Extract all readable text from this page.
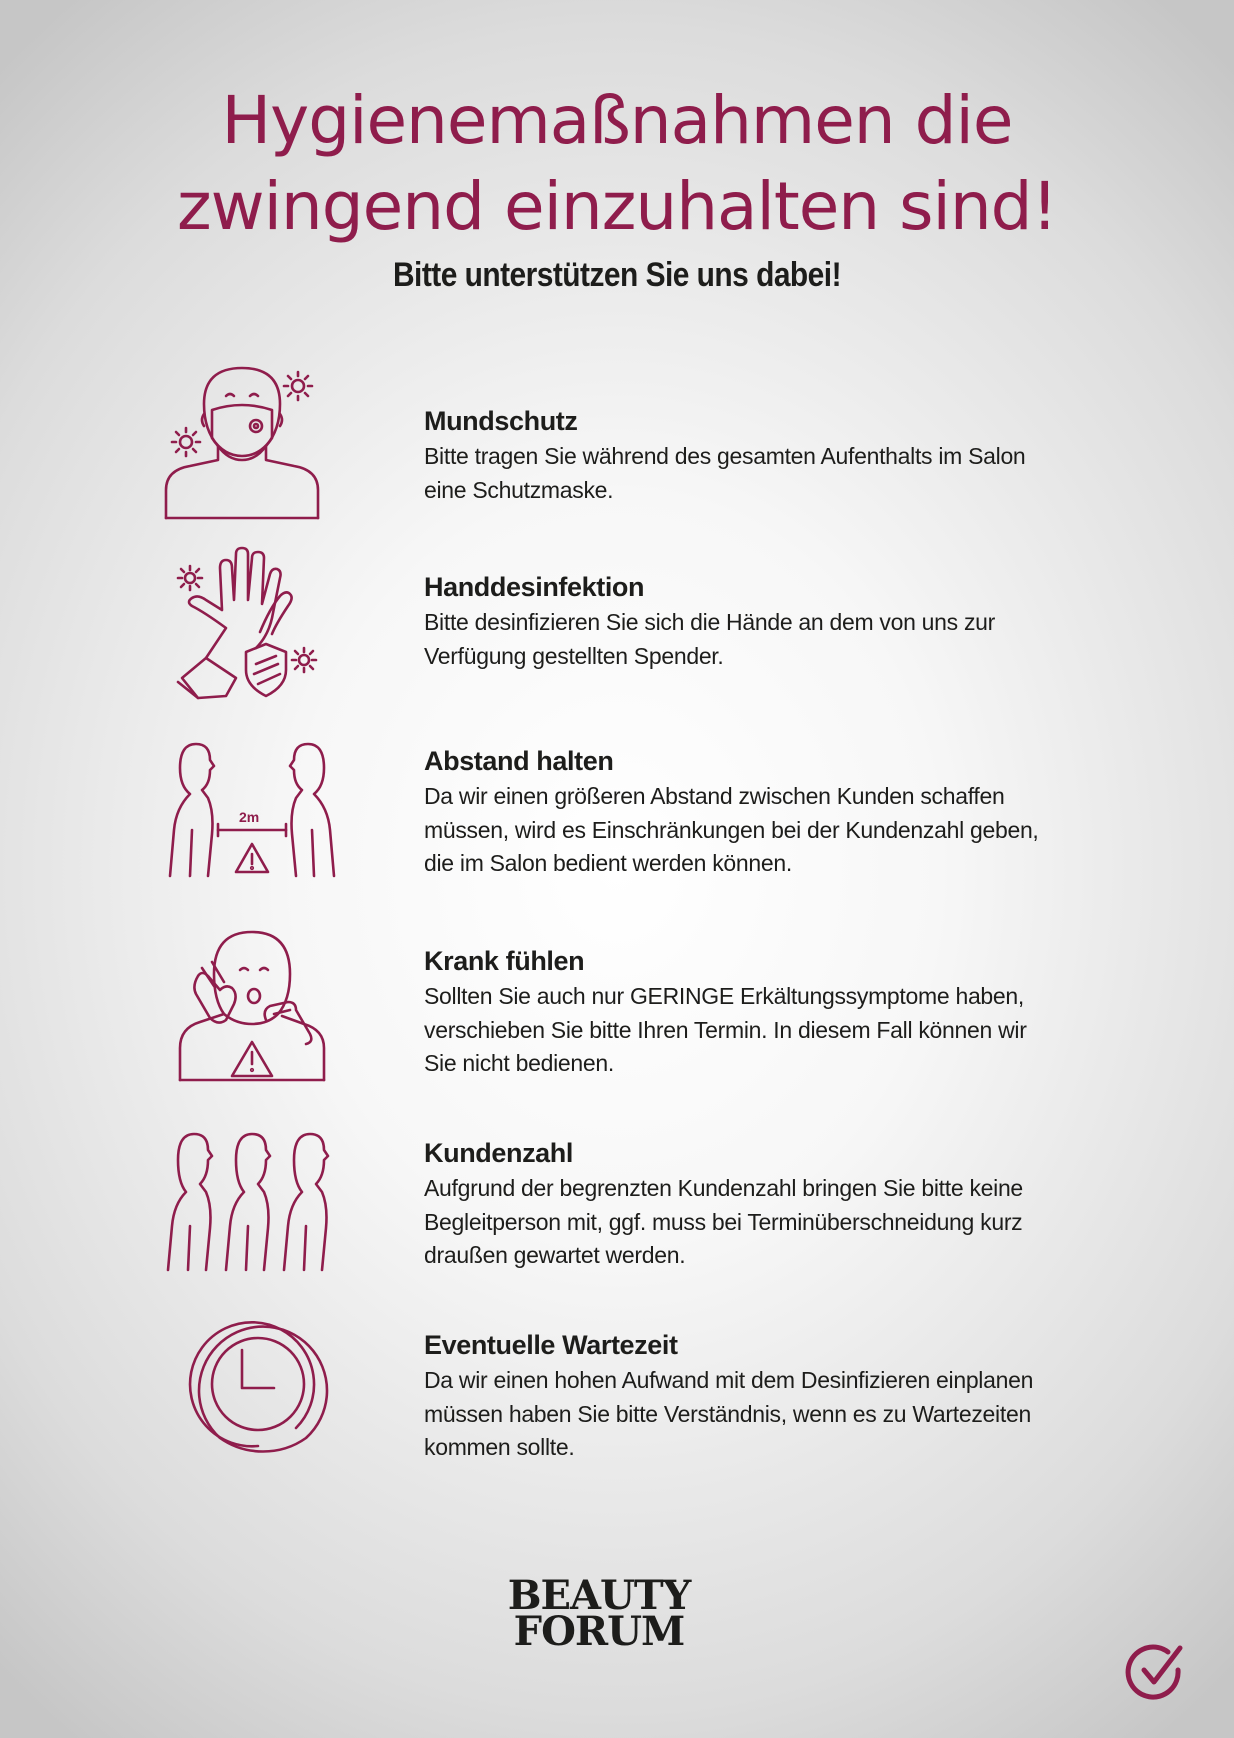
Hygienemaßnahmen die
zwingend einzuhalten sind!
Bitte unterstützen Sie uns dabei!
Mundschutz
Bitte tragen Sie während des gesamten Aufenthalts im Salon
eine Schutzmaske.
Handdesinfektion
Bitte desinfizieren Sie sich die Hände an dem von uns zur
Verfügung gestellten Spender.
2m
Abstand halten
Da wir einen größeren Abstand zwischen Kunden schaffen
müssen, wird es Einschränkungen bei der Kundenzahl geben,
die im Salon bedient werden können.
Krank fühlen
Sollten Sie auch nur GERINGE Erkältungssymptome haben,
verschieben Sie bitte Ihren Termin. In diesem Fall können wir
Sie nicht bedienen.
Kundenzahl
Aufgrund der begrenzten Kundenzahl bringen Sie bitte keine
Begleitperson mit, ggf. muss bei Terminüberschneidung kurz
draußen gewartet werden.
Eventuelle Wartezeit
Da wir einen hohen Aufwand mit dem Desinfizieren einplanen
müssen haben Sie bitte Verständnis, wenn es zu Wartezeiten
kommen sollte.
BEAUTY
FORUM
